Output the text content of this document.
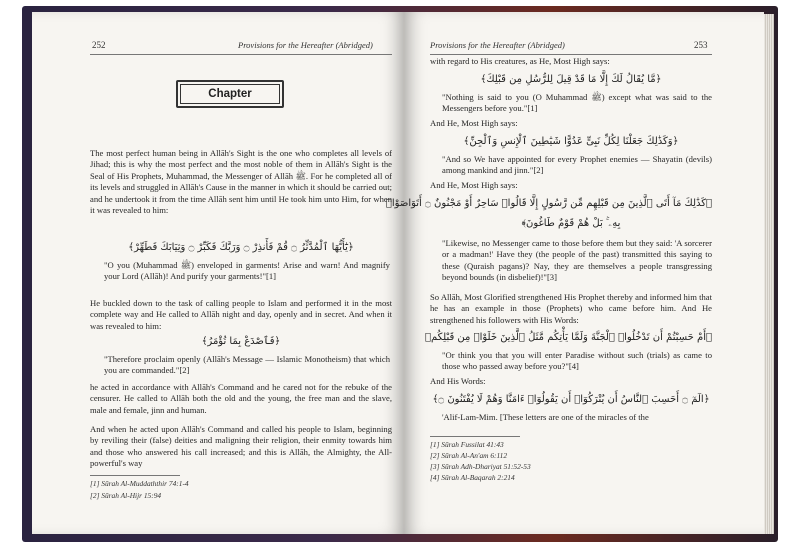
252	Provisions for the Hereafter (Abridged)
Chapter
The most perfect human being in Allāh's Sight is the one who completes all levels of Jihad; this is why the most perfect and the most noble of them in Allāh's Sight is the Seal of His Prophets, Muhammad, the Messenger of Allāh ﷺ. For he completed all of its levels and struggled in Allāh's Cause in the manner in which it should be carried out; and he undertook it from the time Allāh sent him until He took him unto Him, for when it was revealed to him:
﴿يَٰٓأَيُّهَا ٱلْمُدَّثِّرُ ۝ قُمْ فَأَنذِرْ ۝ وَرَبَّكَ فَكَبِّرْ ۝ وَثِيَابَكَ فَطَهِّرْ﴾
"O you (Muhammad ﷺ) enveloped in garments! Arise and warn! And magnify your Lord (Allāh)! And purify your garments!"[1]
He buckled down to the task of calling people to Islam and performed it in the most complete way and He called to Allāh night and day, openly and in secret. And when it was revealed to him:
﴿فَٱصْدَعْ بِمَا تُؤْمَرُ﴾
"Therefore proclaim openly (Allāh's Message — Islamic Monotheism) that which you are commanded."[2]
he acted in accordance with Allāh's Command and he cared not for the rebuke of the censurer. He called to Allāh both the old and the young, the free man and the slave, male and female, jinn and human.
And when he acted upon Allāh's Command and called his people to Islam, beginning by reviling their (false) deities and maligning their religion, their enmity towards him and those who answered his call increased; and this is Allāh, the Almighty, the All-powerful's way
[1] Sūrah Al-Muddaththir 74:1-4
[2] Sūrah Al-Hijr 15:94
Provisions for the Hereafter (Abridged)	253
with regard to His creatures, as He, Most High says:
﴿مَّا يُقَالُ لَكَ إِلَّا مَا قَدْ قِيلَ لِلرُّسُلِ مِن قَبْلِكَ﴾
"Nothing is said to you (O Muhammad ﷺ) except what was said to the Messengers before you."[1]
And He, Most High says:
﴿وَكَذَٰلِكَ جَعَلْنَا لِكُلِّ نَبِىٍّ عَدُوًّا شَيَٰطِينَ ٱلْإِنسِ وَٱلْجِنِّ﴾
"And so We have appointed for every Prophet enemies — Shayatin (devils) among mankind and jinn."[2]
And He, Most High says:
﴿كَذَٰلِكَ مَآ أَتَى ٱلَّذِينَ مِن قَبْلِهِم مِّن رَّسُولٍ إِلَّا قَالُوا۟ سَاحِرٌ أَوْ مَجْنُونٌ ۝ أَتَوَاصَوْا۟
بِهِۦ ۚ بَلْ هُمْ قَوْمٌ طَاغُونَ﴾
"Likewise, no Messenger came to those before them but they said: 'A sorcerer or a madman!' Have they (the people of the past) transmitted this saying to these (Quraish pagans)? Nay, they are themselves a people transgressing beyond bounds (in disbelief)!"[3]
So Allāh, Most Glorified strengthened His Prophet thereby and informed him that he has an example in those (Prophets) who came before him. And He strengthened his followers with His Words:
﴿أَمْ حَسِبْتُمْ أَن تَدْخُلُوا۟ ٱلْجَنَّةَ وَلَمَّا يَأْتِكُم مَّثَلُ ٱلَّذِينَ خَلَوْا۟ مِن قَبْلِكُم﴾
"Or think you that you will enter Paradise without such (trials) as came to those who passed away before you?"[4]
And His Words:
﴿الٓمٓ ۝ أَحَسِبَ ٱلنَّاسُ أَن يُتْرَكُوٓا۟ أَن يَقُولُوٓا۟ ءَامَنَّا وَهُمْ لَا يُفْتَنُونَ ۝﴾
'Alif-Lam-Mim. [These letters are one of the miracles of the
[1] Sūrah Fussilat 41:43
[2] Sūrah Al-An'am 6:112
[3] Sūrah Adh-Dhariyat 51:52-53
[4] Sūrah Al-Baqarah 2:214
